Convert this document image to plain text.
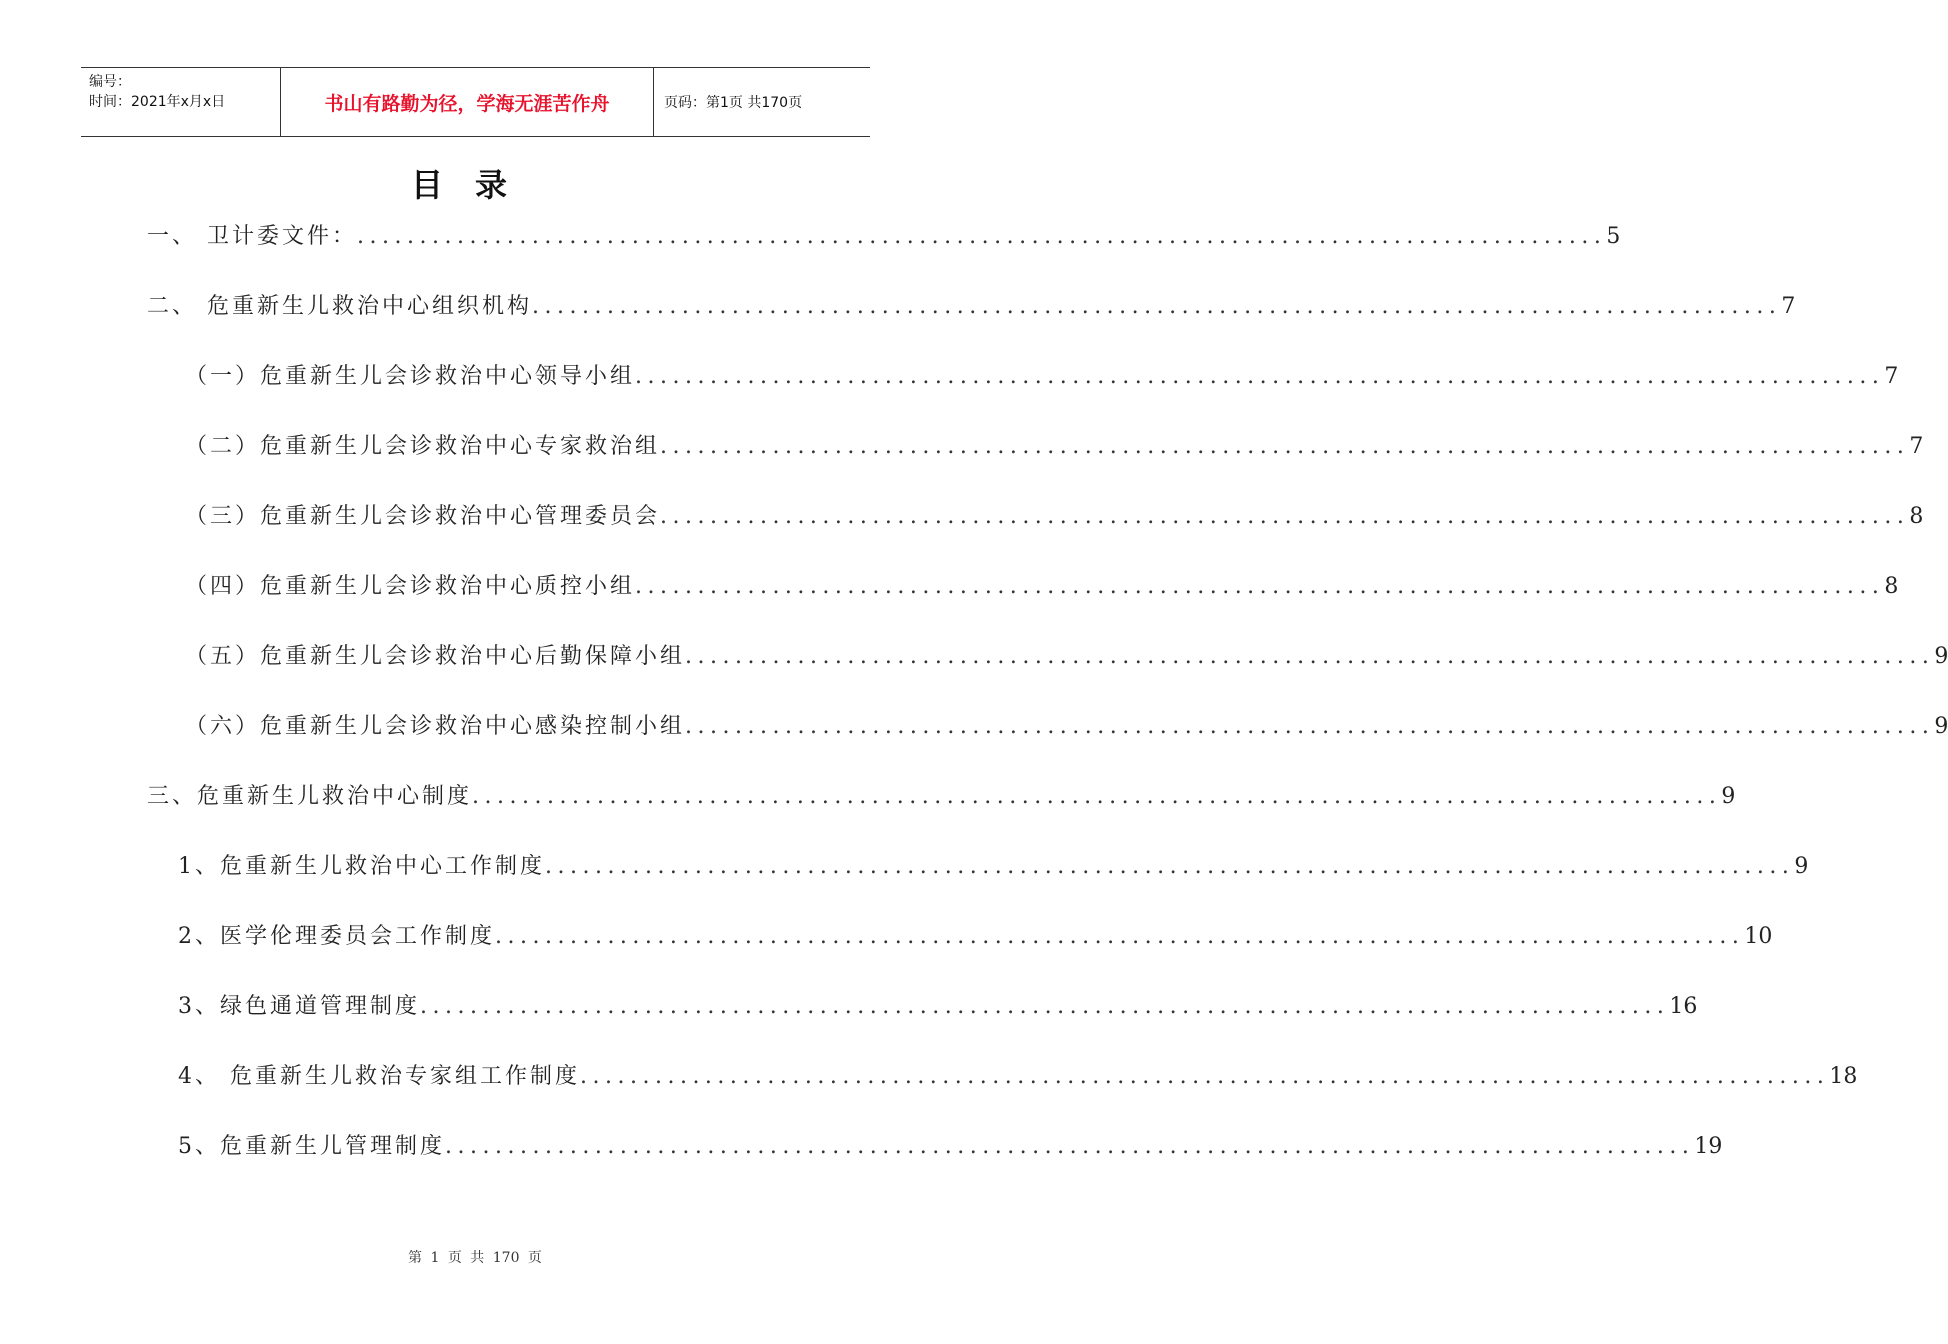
编号：
时间：2021年x月x日	书山有路勤为径，学海无涯苦作舟	页码：第1页 共170页
目录
一、 卫计委文件： .................................................................................................... 5
二、 危重新生儿救治中心组织机构 .................................................................................................... 7
（一）危重新生儿会诊救治中心领导小组 .................................................................................................... 7
（二）危重新生儿会诊救治中心专家救治组 .................................................................................................... 7
（三）危重新生儿会诊救治中心管理委员会 .................................................................................................... 8
（四）危重新生儿会诊救治中心质控小组 .................................................................................................... 8
（五）危重新生儿会诊救治中心后勤保障小组 .................................................................................................... 9
（六）危重新生儿会诊救治中心感染控制小组 .................................................................................................... 9
三、危重新生儿救治中心制度 .................................................................................................... 9
1、危重新生儿救治中心工作制度 .................................................................................................... 9
2、医学伦理委员会工作制度 .................................................................................................... 10
3、绿色通道管理制度 .................................................................................................... 16
4、 危重新生儿救治专家组工作制度 .................................................................................................... 18
5、危重新生儿管理制度 .................................................................................................... 19
第 1 页 共 170 页
